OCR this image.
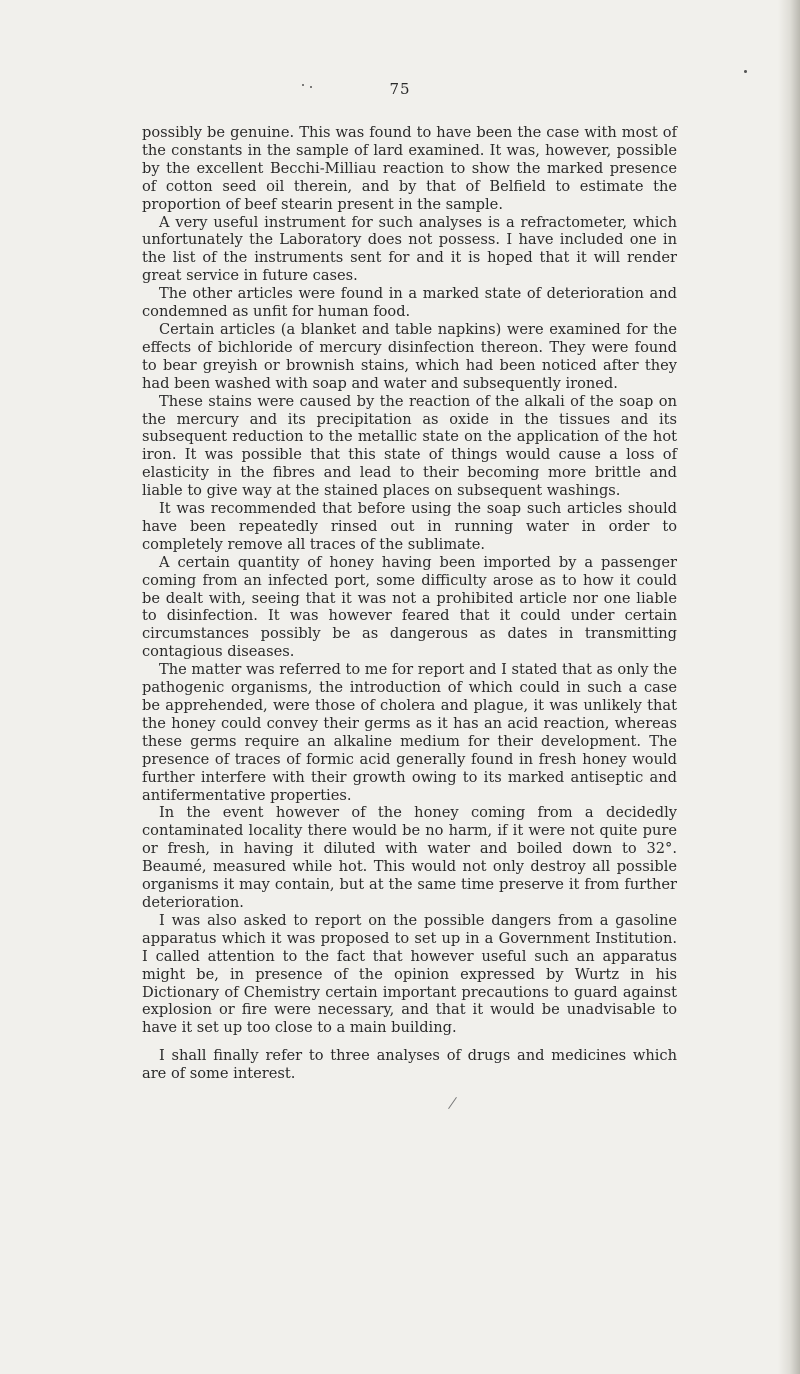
75

possibly be genuine. This was found to have been the case with most of the constants in the sample of lard examined. It was, however, possible by the excellent Becchi-Milliau reaction to show the marked presence of cotton seed oil therein, and by that of Belfield to estimate the proportion of beef stearin present in the sample.

A very useful instrument for such analyses is a refractometer, which unfortunately the Laboratory does not possess. I have included one in the list of the instruments sent for and it is hoped that it will render great service in future cases.

The other articles were found in a marked state of deterioration and condemned as unfit for human food.

Certain articles (a blanket and table napkins) were examined for the effects of bichloride of mercury disinfection thereon. They were found to bear greyish or brownish stains, which had been noticed after they had been washed with soap and water and subsequently ironed.

These stains were caused by the reaction of the alkali of the soap on the mercury and its precipitation as oxide in the tissues and its subsequent reduction to the metallic state on the application of the hot iron. It was possible that this state of things would cause a loss of elasticity in the fibres and lead to their becoming more brittle and liable to give way at the stained places on subsequent washings.

It was recommended that before using the soap such articles should have been repeatedly rinsed out in running water in order to completely remove all traces of the sublimate.

A certain quantity of honey having been imported by a passenger coming from an infected port, some difficulty arose as to how it could be dealt with, seeing that it was not a prohibited article nor one liable to disinfection. It was however feared that it could under certain circumstances possibly be as dangerous as dates in transmitting contagious diseases.

The matter was referred to me for report and I stated that as only the pathogenic organisms, the introduction of which could in such a case be apprehended, were those of cholera and plague, it was unlikely that the honey could convey their germs as it has an acid reaction, whereas these germs require an alkaline medium for their development. The presence of traces of formic acid generally found in fresh honey would further interfere with their growth owing to its marked antiseptic and antifermentative properties.

In the event however of the honey coming from a decidedly contaminated locality there would be no harm, if it were not quite pure or fresh, in having it diluted with water and boiled down to 32°. Beaumé, measured while hot. This would not only destroy all possible organisms it may contain, but at the same time preserve it from further deterioration.

I was also asked to report on the possible dangers from a gasoline apparatus which it was proposed to set up in a Government Institution. I called attention to the fact that however useful such an apparatus might be, in presence of the opinion expressed by Wurtz in his Dictionary of Chemistry certain important precautions to guard against explosion or fire were necessary, and that it would be unadvisable to have it set up too close to a main building.

I shall finally refer to three analyses of drugs and medicines which are of some interest.
